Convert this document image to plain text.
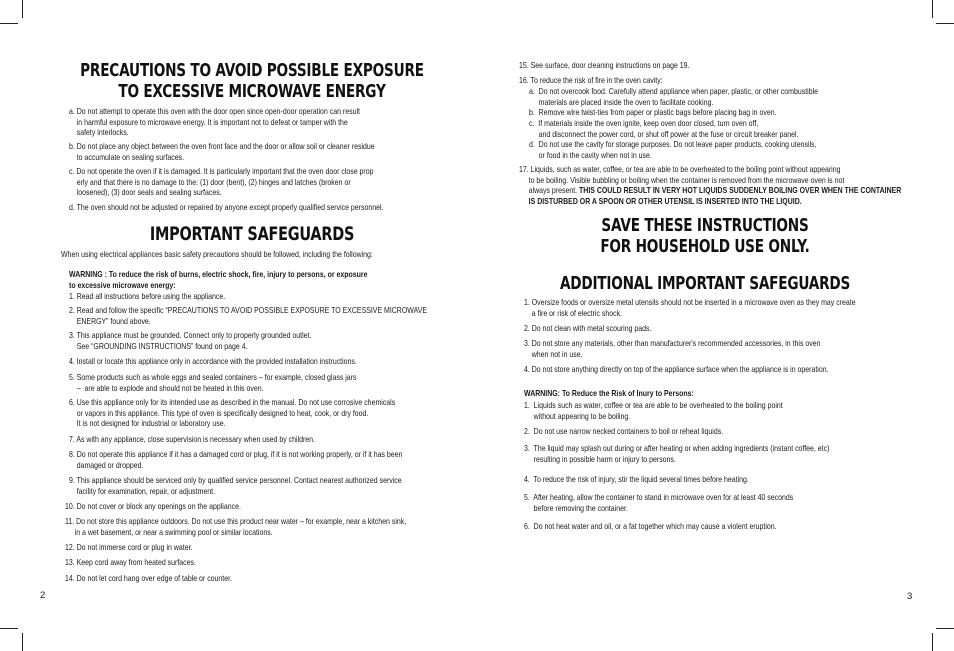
PRECAUTIONS TO AVOID POSSIBLE EXPOSURE
TO EXCESSIVE MICROWAVE ENERGY
a. Do not attempt to operate this oven with the door open since open-door operation can result
in harmful exposure to microwave energy. It is important not to defeat or tamper with the
safety interlocks.
b. Do not place any object between the oven front face and the door or allow soil or cleaner residue
to accumulate on sealing surfaces.
c. Do not operate the oven if it is damaged. It is particularly important that the oven door close prop
erly and that there is no damage to the: (1) door (bent), (2) hinges and latches (broken or
loosened), (3) door seals and sealing surfaces.
d. The oven should not be adjusted or repaired by anyone except properly qualified service personnel.
IMPORTANT SAFEGUARDS
When using electrical appliances basic safety precautions should be followed, including the following:
WARNING : To reduce the risk of burns, electric shock, fire, injury to persons, or exposure
to excessive microwave energy:
1. Read all instructions before using the appliance.
2. Read and follow the specific “PRECAUTIONS TO AVOID POSSIBLE EXPOSURE TO EXCESSIVE MICROWAVE
ENERGY” found above.
3. This appliance must be grounded. Connect only to properly grounded outlet.
See “GROUNDING INSTRUCTIONS” found on page 4.
4. Install or locate this appliance only in accordance with the provided installation instructions.
5. Some products such as whole eggs and sealed containers – for example, closed glass jars
–  are able to explode and should not be heated in this oven.
6. Use this appliance only for its intended use as described in the manual. Do not use corrosive chemicals
or vapors in this appliance. This type of oven is specifically designed to heat, cook, or dry food.
It is not designed for industrial or laboratory use.
7. As with any appliance, close supervision is necessary when used by children.
8. Do not operate this appliance if it has a damaged cord or plug, if it is not working properly, or if it has been
damaged or dropped.
9. This appliance should be serviced only by qualified service personnel. Contact nearest authorized service
facility for examination, repair, or adjustment.
10. Do not cover or block any openings on the appliance.
11. Do not store this appliance outdoors. Do not use this product near water – for example, near a kitchen sink,
in a wet basement, or near a swimming pool or similar locations.
12. Do not immerse cord or plug in water.
13. Keep cord away from heated surfaces.
14. Do not let cord hang over edge of table or counter.
2
15. See surface, door cleaning instructions on page 19.
16. To reduce the risk of fire in the oven cavity:
a.  Do not overcook food. Carefully attend appliance when paper, plastic, or other combustible
materials are placed inside the oven to facilitate cooking.
b.  Remove wire twist-ties from paper or plastic bags before placing bag in oven.
c.  If materials inside the oven ignite, keep oven door closed, turn oven off,
and disconnect the power cord, or shut off power at the fuse or circuit breaker panel.
d.  Do not use the cavity for storage purposes. Do not leave paper products, cooking utensils,
or food in the cavity when not in use.
17. Liquids, such as water, coffee, or tea are able to be overheated to the boiling point without appearing
to be boiling. Visible bubbling or boiling when the container is removed from the microwave oven is not
always present. THIS COULD RESULT IN VERY HOT LIQUIDS SUDDENLY BOILING OVER WHEN THE CONTAINER
IS DISTURBED OR A SPOON OR OTHER UTENSIL IS INSERTED INTO THE LIQUID.
SAVE THESE INSTRUCTIONS
FOR HOUSEHOLD USE ONLY.
ADDITIONAL IMPORTANT SAFEGUARDS
1. Oversize foods or oversize metal utensils should not be inserted in a microwave oven as they may create
a fire or risk of electric shock.
2. Do not clean with metal scouring pads.
3. Do not store any materials, other than manufacturer's recommended accessories, in this oven
when not in use.
4. Do not store anything directly on top of the appliance surface when the appliance is in operation.
WARNING: To Reduce the Risk of Inury to Persons:
1.  Liquids such as water, coffee or tea are able to be overheated to the boiling point
without appearing to be boiling.
2.  Do not use narrow necked containers to boil or reheat liquids.
3.  The liquid may splash out during or after heating or when adding ingredients (instant coffee, etc)
resulting in possible harm or injury to persons.
4.  To reduce the risk of injury, stir the liquid several times before heating.
5.  After heating, allow the container to stand in microwave oven for at least 40 seconds
before removing the container.
6.  Do not heat water and oil, or a fat together which may cause a violent eruption.
3
